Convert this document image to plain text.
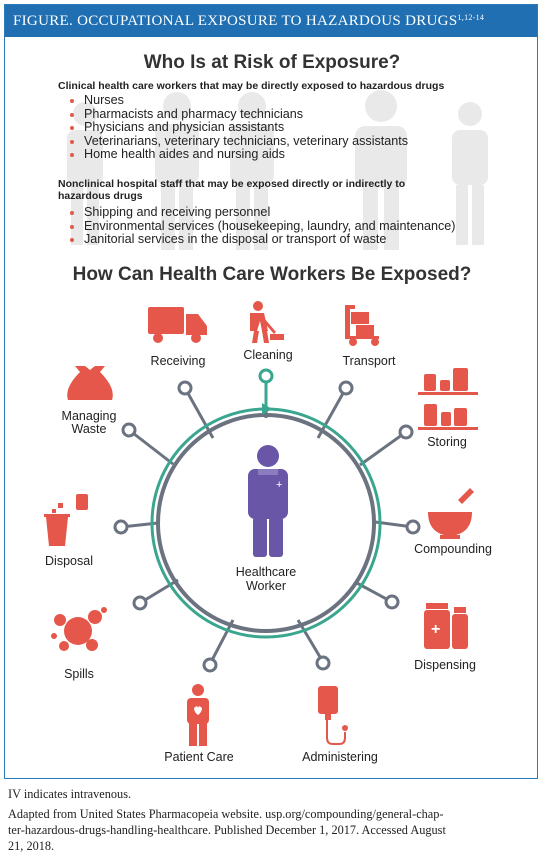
FIGURE. OCCUPATIONAL EXPOSURE TO HAZARDOUS DRUGS$^{1,12-14}$
Who Is at Risk of Exposure?
Clinical health care workers that may be directly exposed to hazardous drugs
Nurses
Pharmacists and pharmacy technicians
Physicians and physician assistants
Veterinarians, veterinary technicians, veterinary assistants
Home health aides and nursing aids
Nonclinical hospital staff that may be exposed directly or indirectly to
hazardous drugs
Shipping and receiving personnel
Environmental services (housekeeping, laundry, and maintenance)
Janitorial services in the disposal or transport of waste
How Can Health Care Workers Be Exposed?
+
Healthcare
Worker
Receiving	Cleaning	Transport
Storing
Compounding
+
Dispensing
Administering
Patient Care
Spills
Disposal
Managing
Waste
IV indicates intravenous.
Adapted from United States Pharmacopeia website. usp.org/compounding/general-chap-
ter-hazardous-drugs-handling-healthcare. Published December 1, 2017. Accessed August
21, 2018.
